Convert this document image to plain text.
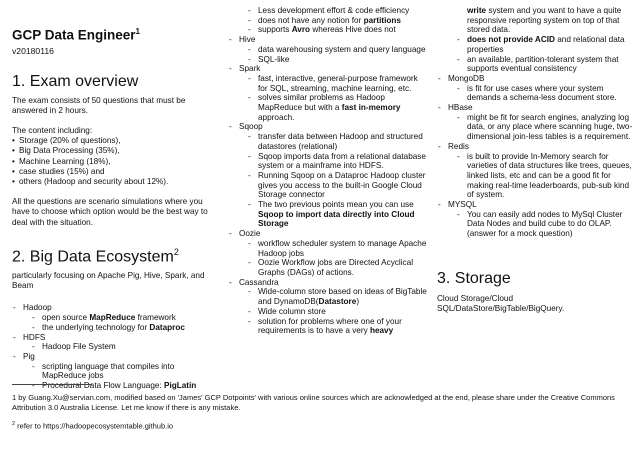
GCP Data Engineer$^1$
v20180116
1. Exam overview

The exam consists of 50 questions that must be answered in 2 hours.

The content including:

• Storage (20% of questions),
• Big Data Processing (35%),
• Machine Learning (18%),
• case studies (15%) and
• others (Hadoop and security about 12%).

All the questions are scenario simulations where you have to choose which option would be the best way to deal with the situation.

2. Big Data Ecosystem$^2$

particularly focusing on Apache Pig, Hive, Spark, and Beam

- Hadoop
- open source MapReduce framework
- the underlying technology for Dataproc
- HDFS
- Hadoop File System
- Pig
- scripting language that compiles into MapReduce jobs
- Procedural Data Flow Language: PigLatin
- Less development effort & code efficiency
- does not have any notion for partitions
- supports Avro whereas Hive does not
- Hive
- data warehousing system and query language
- SQL-like
- Spark
- fast, interactive, general-purpose framework for SQL, streaming, machine learning, etc.
- solves similar problems as Hadoop MapReduce but with a fast in-memory approach.
- Sqoop
- transfer data between Hadoop and structured datastores (relational)
- Sqoop imports data from a relational database system or a mainframe into HDFS.
- Running Sqoop on a Dataproc Hadoop cluster gives you access to the built-in Google Cloud Storage connector
- The two previous points mean you can use Sqoop to import data directly into Cloud Storage
- Oozie
- workflow scheduler system to manage Apache Hadoop jobs
- Oozie Workflow jobs are Directed Acyclical Graphs (DAGs) of actions.
- Cassandra
- Wide-column store based on ideas of BigTable and DynamoDB(Datastore)
- Wide column store
- solution for problems where one of your requirements is to have a very heavy
write system and you want to have a quite responsive reporting system on top of that stored data.
- does not provide ACID and relational data properties
- an available, partition-tolerant system that supports eventual consistency
- MongoDB
- is fit for use cases where your system demands a schema-less document store.
- HBase
- might be fit for search engines, analyzing log data, or any place where scanning huge, two-dimensional join-less tables is a requirement.
- Redis
- is built to provide In-Memory search for varieties of data structures like trees, queues, linked lists, etc and can be a good fit for making real-time leaderboards, pub-sub kind of system.
- MYSQL
- You can easily add nodes to MySql Cluster Data Nodes and build cube to do OLAP. (answer for a mock question)
3. Storage

Cloud Storage/Cloud SQL/DataStore/BigTable/BigQuery.

1 by Guang.Xu@servian.com, modified based on 'James' GCP Dotpoints' with various online sources which are acknowledged at the end, please share under the Creative Commons Attribution 3.0 Australia License. Let me know if there is any mistake.
$^2$ refer to https://hadoopecosystemtable.github.io
